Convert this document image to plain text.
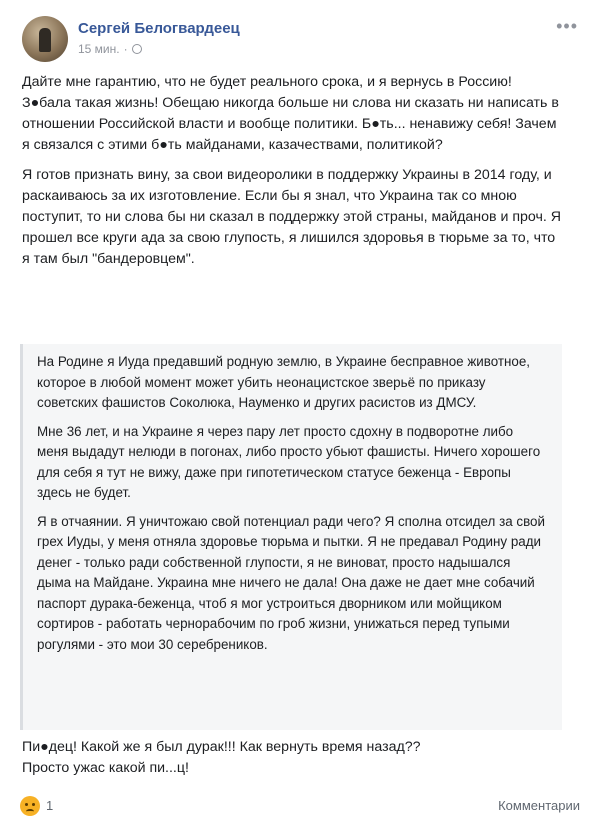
Сергей Белогвардеец
15 мин. ·
•••

Дайте мне гарантию, что не будет реального срока, и я вернусь в Россию! З●бала такая жизнь! Обещаю никогда больше ни слова ни сказать ни написать в отношении Российской власти и вообще политики. Б●ть... ненавижу себя! Зачем я связался с этими б●ть майданами, казачествами, политикой?

Я готов признать вину, за свои видеоролики в поддержку Украины в 2014 году, и раскаиваюсь за их изготовление. Если бы я знал, что Украина так со мною поступит, то ни слова бы ни сказал в поддержку этой страны, майданов и проч. Я прошел все круги ада за свою глупость, я лишился здоровья в тюрьме за то, что я там был "бандеровцем".

На Родине я Иуда предавший родную землю, в Украине бесправное животное, которое в любой момент может убить неонацистское зверьё по приказу советских фашистов Соколюка, Науменко и других расистов из ДМСУ.

Мне 36 лет, и на Украине я через пару лет просто сдохну в подворотне либо меня выдадут нелюди в погонах, либо просто убьют фашисты. Ничего хорошего для себя я тут не вижу, даже при гипотетическом статусе беженца - Европы здесь не будет.

Я в отчаянии. Я уничтожаю свой потенциал ради чего? Я сполна отсидел за свой грех Иуды, у меня отняла здоровье тюрьма и пытки. Я не предавал Родину ради денег - только ради собственной глупости, я не виноват, просто надышался дыма на Майдане. Украина мне ничего не дала! Она даже не дает мне собачий паспорт дурака-беженца, чтоб я мог устроиться дворником или мойщиком сортиров - работать чернорабочим по гроб жизни, унижаться перед тупыми рогулями - это мои 30 серебреников.

Пи●дец! Какой же я был дурак!!! Как вернуть время назад??
Просто ужас какой пи...ц!
1	Комментарии
